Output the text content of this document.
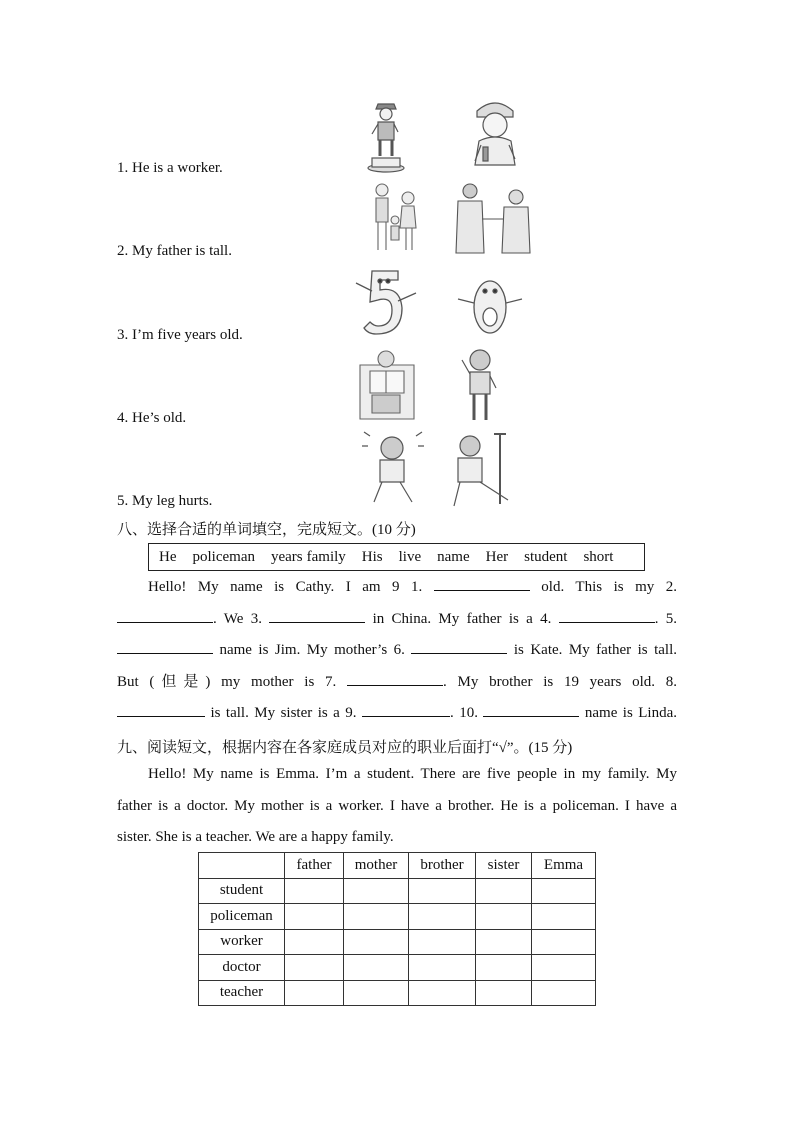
1. He is a worker.
2. My father is tall.
3. I’m five years old.
4. He’s old.
5. My leg hurts.
八、选择合适的单词填空，完成短文。(10 分)
He policeman years family His live name Her student short

Hello! My name is Cathy. I am 9 1.	old. This is my 2.

. We 3.	in China. My father is a 4.	. 5.

name is Jim. My mother’s 6.	is Kate. My father is tall.

But (但是) my mother is 7.	. My brother is 19 years old. 8.

is tall. My sister is a 9.	. 10.	name is Linda.

九、阅读短文，根据内容在各家庭成员对应的职业后面打“√”。(15 分)

Hello! My name is Emma. I’m a student. There are five people in my family. My

father is a doctor. My mother is a worker. I have a brother. He is a policeman. I have a

sister. She is a teacher. We are a happy family.

	father	mother	brother	sister	Emma
student					
policeman					
worker					
doctor					
teacher					
